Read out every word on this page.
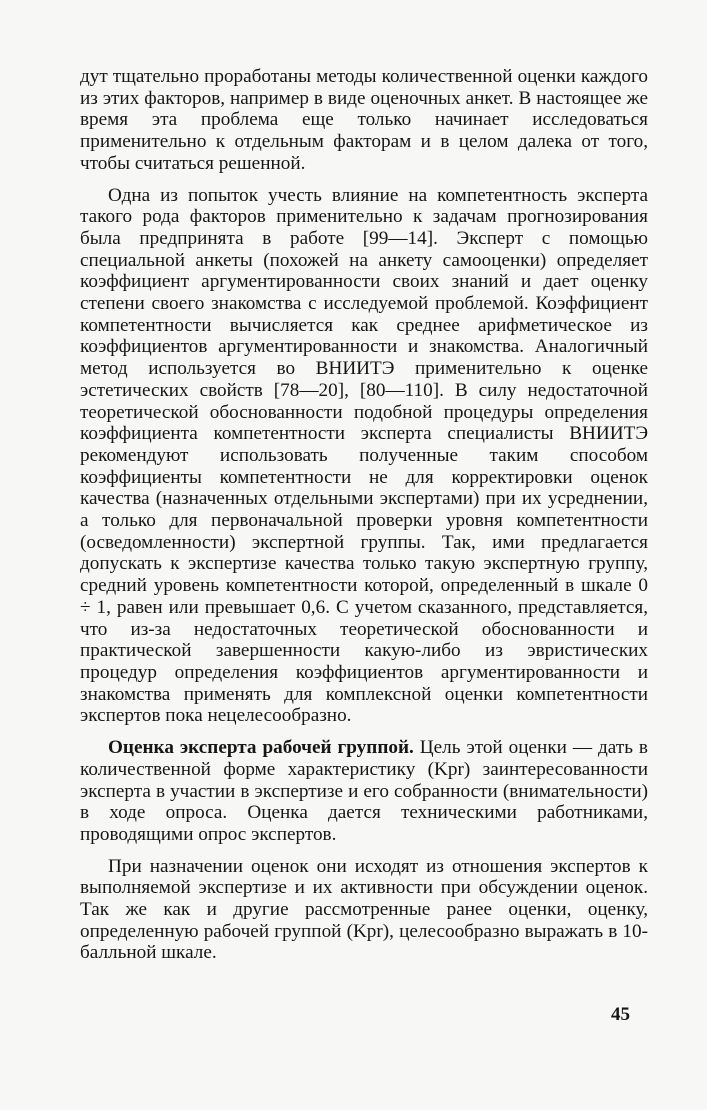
дут тщательно проработаны методы количественной оценки каждого из этих факторов, например в виде оценочных анкет. В настоящее же время эта проблема еще только начинает исследоваться применительно к отдельным факторам и в целом далека от того, чтобы считаться решенной.

Одна из попыток учесть влияние на компетентность эксперта такого рода факторов применительно к задачам прогнозирования была предпринята в работе [99—14]. Эксперт с помощью специальной анкеты (похожей на анкету самооценки) определяет коэффициент аргументированности своих знаний и дает оценку степени своего знакомства с исследуемой проблемой. Коэффициент компетентности вычисляется как среднее арифметическое из коэффициентов аргументированности и знакомства. Аналогичный метод используется во ВНИИТЭ применительно к оценке эстетических свойств [78—20], [80—110]. В силу недостаточной теоретической обоснованности подобной процедуры определения коэффициента компетентности эксперта специалисты ВНИИТЭ рекомендуют использовать полученные таким способом коэффициенты компетентности не для корректировки оценок качества (назначенных отдельными экспертами) при их усреднении, а только для первоначальной проверки уровня компетентности (осведомленности) экспертной группы. Так, ими предлагается допускать к экспертизе качества только такую экспертную группу, средний уровень компетентности которой, определенный в шкале 0 ÷ 1, равен или превышает 0,6. С учетом сказанного, представляется, что из-за недостаточных теоретической обоснованности и практической завершенности какую-либо из эвристических процедур определения коэффициентов аргументированности и знакомства применять для комплексной оценки компетентности экспертов пока нецелесообразно.

Оценка эксперта рабочей группой. Цель этой оценки — дать в количественной форме характеристику (Kpr) заинтересованности эксперта в участии в экспертизе и его собранности (внимательности) в ходе опроса. Оценка дается техническими работниками, проводящими опрос экспертов.

При назначении оценок они исходят из отношения экспертов к выполняемой экспертизе и их активности при обсуждении оценок. Так же как и другие рассмотренные ранее оценки, оценку, определенную рабочей группой (Kpr), целесообразно выражать в 10-балльной шкале.

45
